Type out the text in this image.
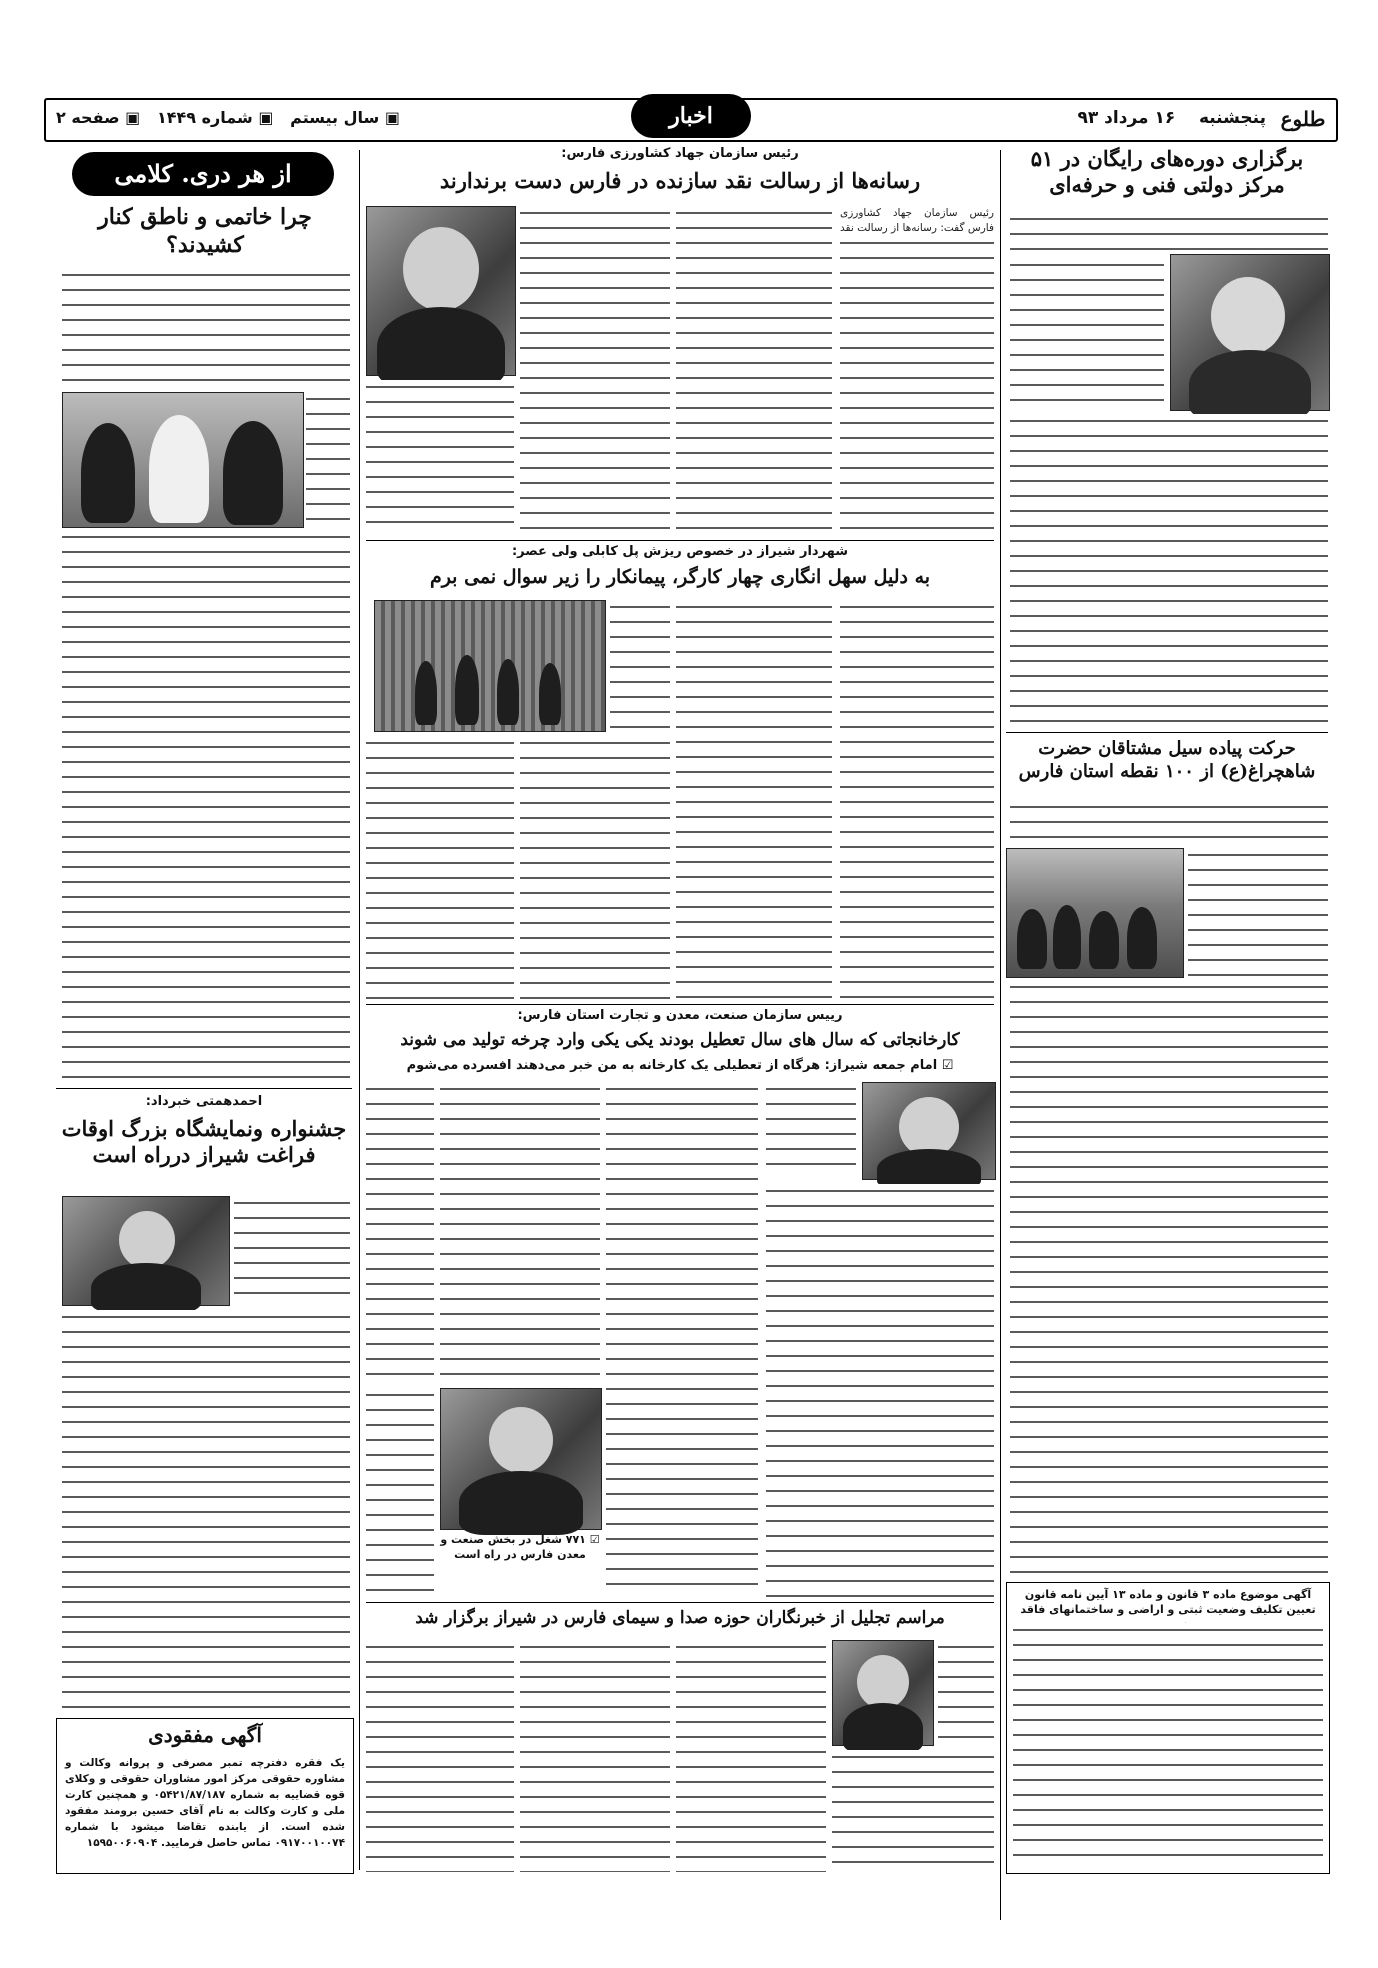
طلوع
پنجشنبه    ۱۶ مرداد ۹۳
اخبار
▣ سال بیستم   ▣ شماره ۱۴۴۹   ▣ صفحه ۲
برگزاری دوره‌های رایگان در ۵۱ مرکز دولتی فنی و حرفه‌ای
حرکت پیاده سیل مشتاقان حضرت شاهچراغ(ع) از ۱۰۰ نقطه استان فارس
آگهی موضوع ماده ۳ قانون و ماده ۱۳ آیین نامه قانون تعیین تکلیف وضعیت ثبتی و اراضی و ساختمانهای فاقد
رئیس سازمان جهاد کشاورزی فارس:
رسانه‌ها از رسالت نقد سازنده در فارس دست برندارند
رئیس سازمان جهاد کشاورزی فارس گفت: رسانه‌ها از رسالت نقد
شهردار شیراز در خصوص ریزش پل کابلی ولی عصر:
به دلیل سهل انگاری چهار کارگر، پیمانکار را زیر سوال نمی برم
رییس سازمان صنعت، معدن و تجارت استان فارس:
کارخانجاتی که سال های سال تعطیل بودند یکی یکی وارد چرخه تولید می شوند
☑ امام جمعه شیراز: هرگاه از تعطیلی یک کارخانه به من خبر می‌دهند افسرده می‌شوم
☑ ۷۷۱ شغل در بخش صنعت و معدن فارس در راه است
مراسم تجلیل از خبرنگاران حوزه صدا و سیمای فارس در شیراز برگزار شد
از هر دری. کلامی
چرا خاتمی و ناطق کنار کشیدند؟
احمدهمتی خبرداد:
جشنواره ونمایشگاه بزرگ اوقات فراغت شیراز درراه است
آگهی مفقودی
یک فقره دفترچه تمبر مصرفی و پروانه وکالت و مشاوره حقوقی مرکز امور مشاوران حقوقی و وکلای قوه قضاییه به شماره ۰۵۴۲۱/۸۷/۱۸۷ و همچنین کارت ملی و کارت وکالت به نام آقای حسین برومند مفقود شده است. از یابنده تقاضا میشود با شماره ۰۹۱۷۰۰۱۰۰۷۴ تماس حاصل فرمایید. ۱۵۹۵۰۰۶۰۹۰۴
